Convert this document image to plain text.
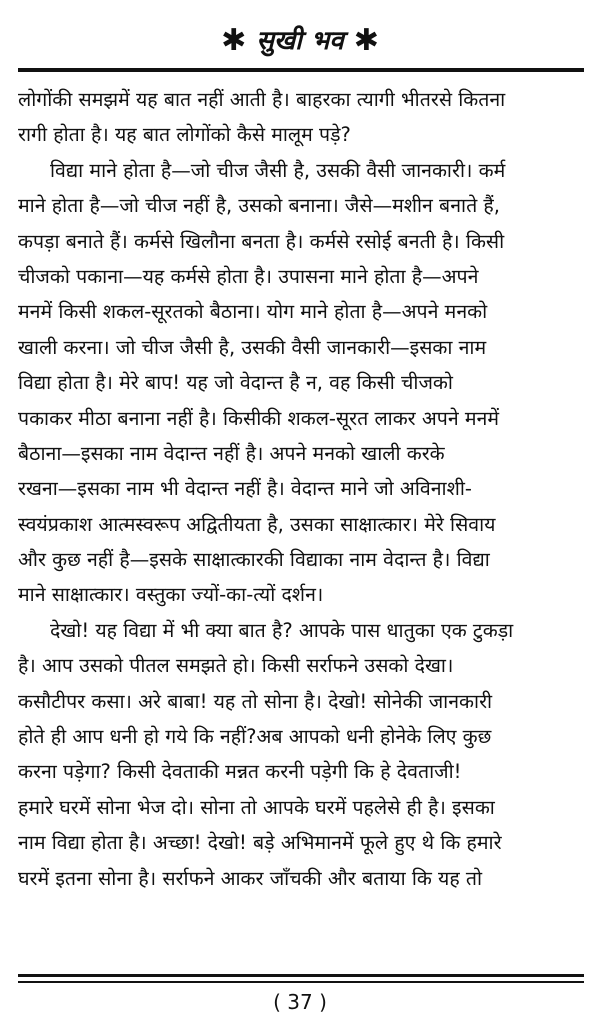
✱ सुखी भव ✱
लोगोंकी समझमें यह बात नहीं आती है। बाहरका त्यागी भीतरसे कितना
रागी होता है। यह बात लोगोंको कैसे मालूम पड़े?
विद्या माने होता है—जो चीज जैसी है, उसकी वैसी जानकारी। कर्म
माने होता है—जो चीज नहीं है, उसको बनाना। जैसे—मशीन बनाते हैं,
कपड़ा बनाते हैं। कर्मसे खिलौना बनता है। कर्मसे रसोई बनती है। किसी
चीजको पकाना—यह कर्मसे होता है। उपासना माने होता है—अपने
मनमें किसी शकल-सूरतको बैठाना। योग माने होता है—अपने मनको
खाली करना। जो चीज जैसी है, उसकी वैसी जानकारी—इसका नाम
विद्या होता है। मेरे बाप! यह जो वेदान्त है न, वह किसी चीजको
पकाकर मीठा बनाना नहीं है। किसीकी शकल-सूरत लाकर अपने मनमें
बैठाना—इसका नाम वेदान्त नहीं है। अपने मनको खाली करके
रखना—इसका नाम भी वेदान्त नहीं है। वेदान्त माने जो अविनाशी-
स्वयंप्रकाश आत्मस्वरूप अद्वितीयता है, उसका साक्षात्कार। मेरे सिवाय
और कुछ नहीं है—इसके साक्षात्कारकी विद्याका नाम वेदान्त है। विद्या
माने साक्षात्कार। वस्तुका ज्यों-का-त्यों दर्शन।
देखो! यह विद्या में भी क्या बात है? आपके पास धातुका एक टुकड़ा
है। आप उसको पीतल समझते हो। किसी सर्राफने उसको देखा।
कसौटीपर कसा। अरे बाबा! यह तो सोना है। देखो! सोनेकी जानकारी
होते ही आप धनी हो गये कि नहीं?अब आपको धनी होनेके लिए कुछ
करना पड़ेगा? किसी देवताकी मन्नत करनी पड़ेगी कि हे देवताजी!
हमारे घरमें सोना भेज दो। सोना तो आपके घरमें पहलेसे ही है। इसका
नाम विद्या होता है। अच्छा! देखो! बड़े अभिमानमें फूले हुए थे कि हमारे
घरमें इतना सोना है। सर्राफने आकर जाँचकी और बताया कि यह तो
( 37 )
